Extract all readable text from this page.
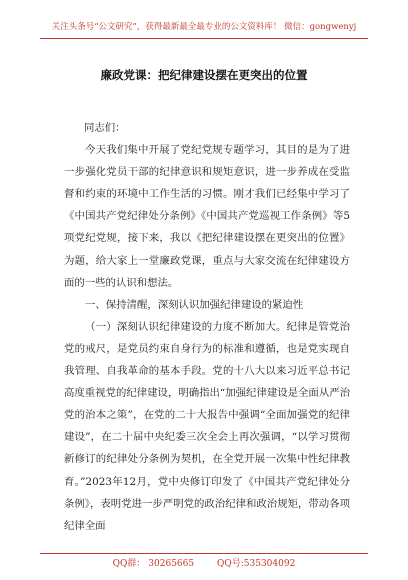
关注头条号“公文研究”，获得最新最全最专业的公文资料库！ 微信：gongwenyj
廉政党课：把纪律建设摆在更突出的位置

同志们：

今天我们集中开展了党纪党规专题学习，其目的是为了进一步强化党员干部的纪律意识和规矩意识，进一步养成在受监督和约束的环境中工作生活的习惯。刚才我们已经集中学习了《中国共产党纪律处分条例》《中国共产党巡视工作条例》等5项党纪党规，接下来，我以《把纪律建设摆在更突出的位置》为题，给大家上一堂廉政党课，重点与大家交流在纪律建设方面的一些的认识和想法。

一、保持清醒，深刻认识加强纪律建设的紧迫性

（一）深刻认识纪律建设的力度不断加大。纪律是管党治党的戒尺，是党员约束自身行为的标准和遵循，也是党实现自我管理、自我革命的基本手段。党的十八大以来习近平总书记高度重视党的纪律建设，明确指出“加强纪律建设是全面从严治党的治本之策”，在党的二十大报告中强调“全面加强党的纪律建设”，在二十届中央纪委三次全会上再次强调，“以学习贯彻新修订的纪律处分条例为契机，在全党开展一次集中性纪律教育。”2023年12月，党中央修订印发了《中国共产党纪律处分条例》，表明党进一步严明党的政治纪律和政治规矩，带动各项纪律全面

QQ群： 30265665	QQ号:535304092
